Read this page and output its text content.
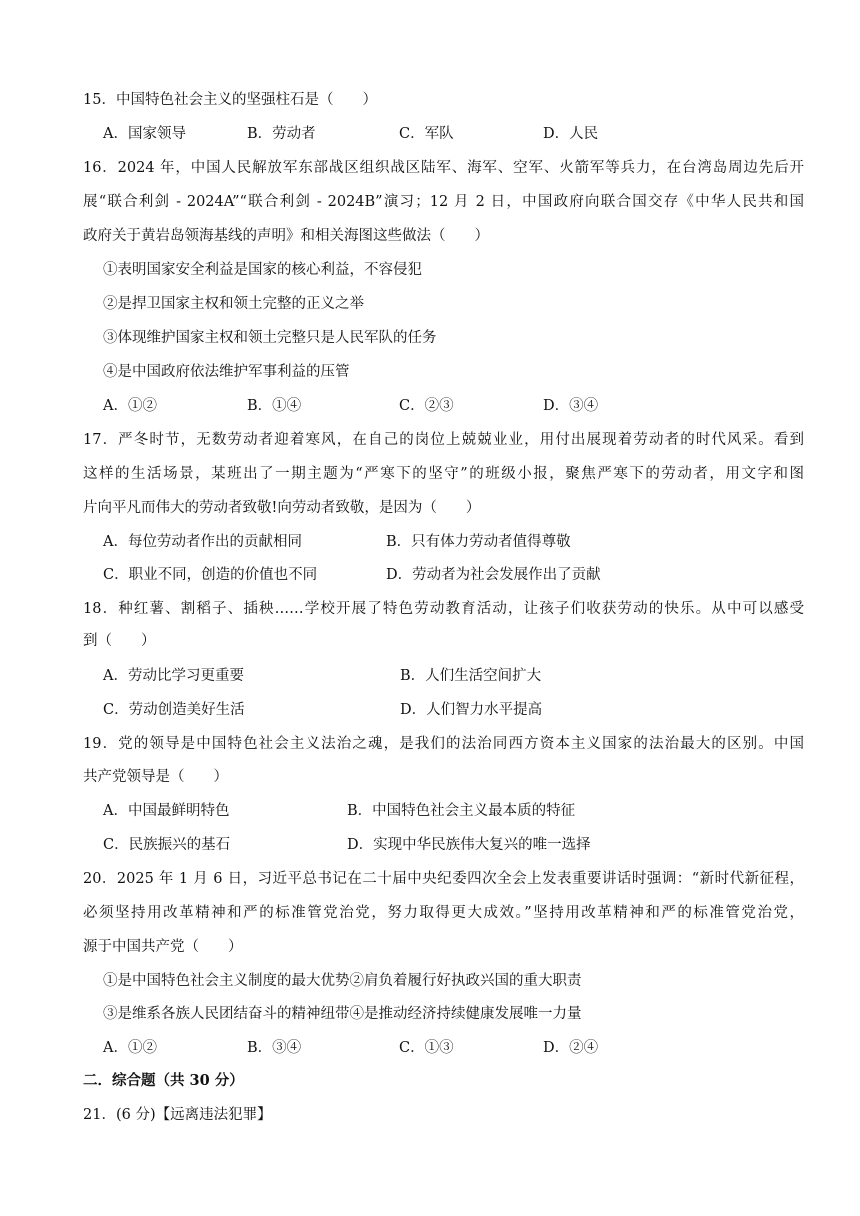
15．中国特色社会主义的坚强柱石是（　　）
A．国家领导	B．劳动者	C．军队	D．人民
16．2024 年，中国人民解放军东部战区组织战区陆军、海军、空军、火箭军等兵力，在台湾岛周边先后开
展“联合利剑 - 2024A”“联合利剑 - 2024B”演习；12 月 2 日，中国政府向联合国交存《中华人民共和国
政府关于黄岩岛领海基线的声明》和相关海图这些做法（　　）
①表明国家安全利益是国家的核心利益，不容侵犯
②是捍卫国家主权和领土完整的正义之举
③体现维护国家主权和领土完整只是人民军队的任务
④是中国政府依法维护军事利益的压管
A．①②	B．①④	C．②③	D．③④
17．严冬时节，无数劳动者迎着寒风，在自己的岗位上兢兢业业，用付出展现着劳动者的时代风采。看到
这样的生活场景，某班出了一期主题为“严寒下的坚守”的班级小报，聚焦严寒下的劳动者，用文字和图
片向平凡而伟大的劳动者致敬!向劳动者致敬，是因为（　　）
A．每位劳动者作出的贡献相同	B．只有体力劳动者值得尊敬
C．职业不同，创造的价值也不同	D．劳动者为社会发展作出了贡献
18．种红薯、割稻子、插秧……学校开展了特色劳动教育活动，让孩子们收获劳动的快乐。从中可以感受
到（　　）
A．劳动比学习更重要	B．人们生活空间扩大
C．劳动创造美好生活	D．人们智力水平提高
19．党的领导是中国特色社会主义法治之魂，是我们的法治同西方资本主义国家的法治最大的区别。中国
共产党领导是（　　）
A．中国最鲜明特色	B．中国特色社会主义最本质的特征
C．民族振兴的基石	D．实现中华民族伟大复兴的唯一选择
20．2025 年 1 月 6 日，习近平总书记在二十届中央纪委四次全会上发表重要讲话时强调：“新时代新征程，
必须坚持用改革精神和严的标准管党治党，努力取得更大成效。”坚持用改革精神和严的标准管党治党，
源于中国共产党（　　）
①是中国特色社会主义制度的最大优势②肩负着履行好执政兴国的重大职责
③是维系各族人民团结奋斗的精神纽带④是推动经济持续健康发展唯一力量
A．①②	B．③④	C．①③	D．②④
二．综合题（共 30 分）
21．(6 分)【远离违法犯罪】
